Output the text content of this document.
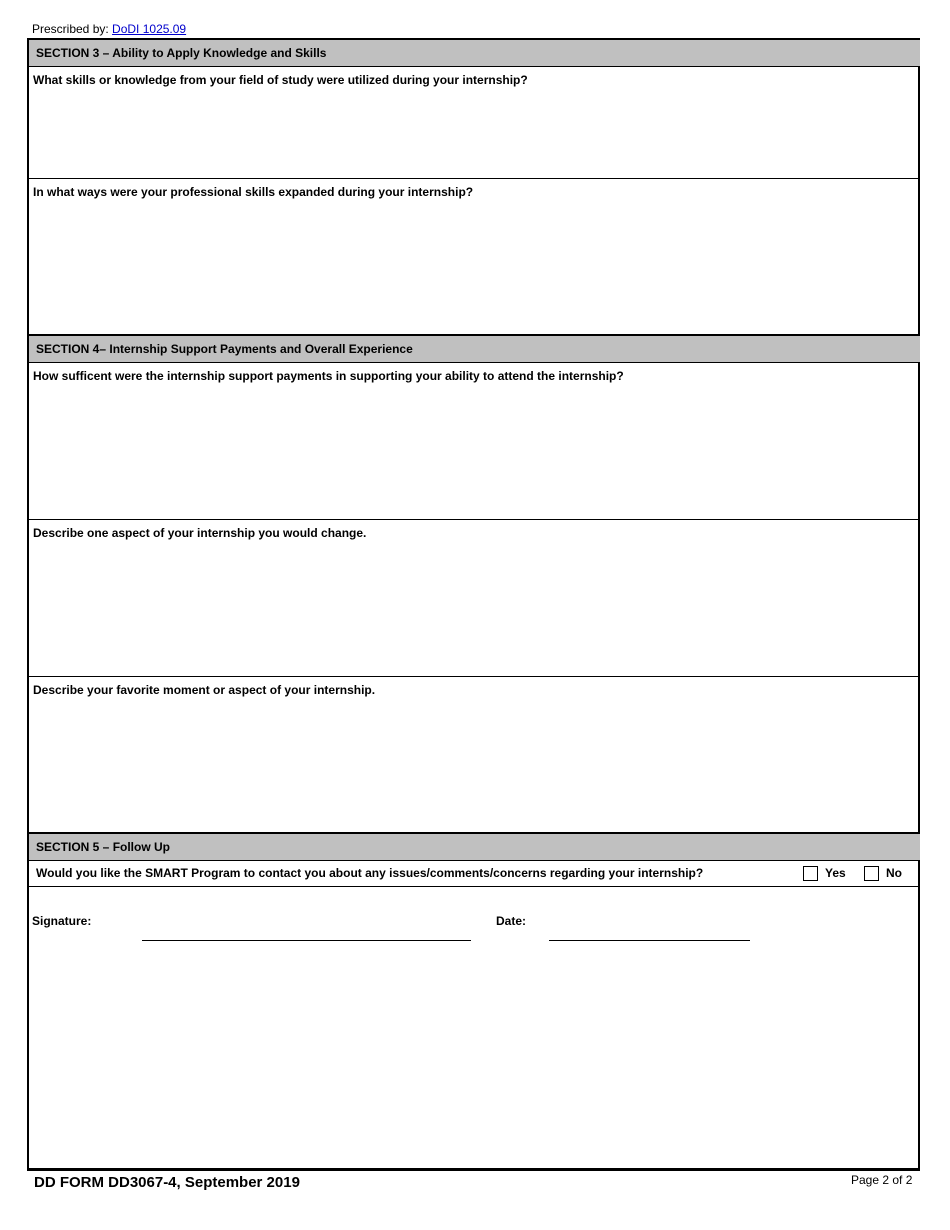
Prescribed by: DoDI 1025.09
SECTION 3 – Ability to Apply Knowledge and Skills
What skills or knowledge from your field of study were utilized during your internship?
In what ways were your professional skills expanded during your internship?
SECTION 4– Internship Support Payments and Overall Experience
How sufficent were the internship support payments in supporting your ability to attend the internship?
Describe one aspect of your internship you would change.
Describe your favorite moment or aspect of your internship.
SECTION 5 – Follow Up
Would you like the SMART Program to contact you about any issues/comments/concerns regarding your internship?	Yes	No
Signature:	Date:
DD FORM DD3067-4, September 2019	Page 2 of 2
